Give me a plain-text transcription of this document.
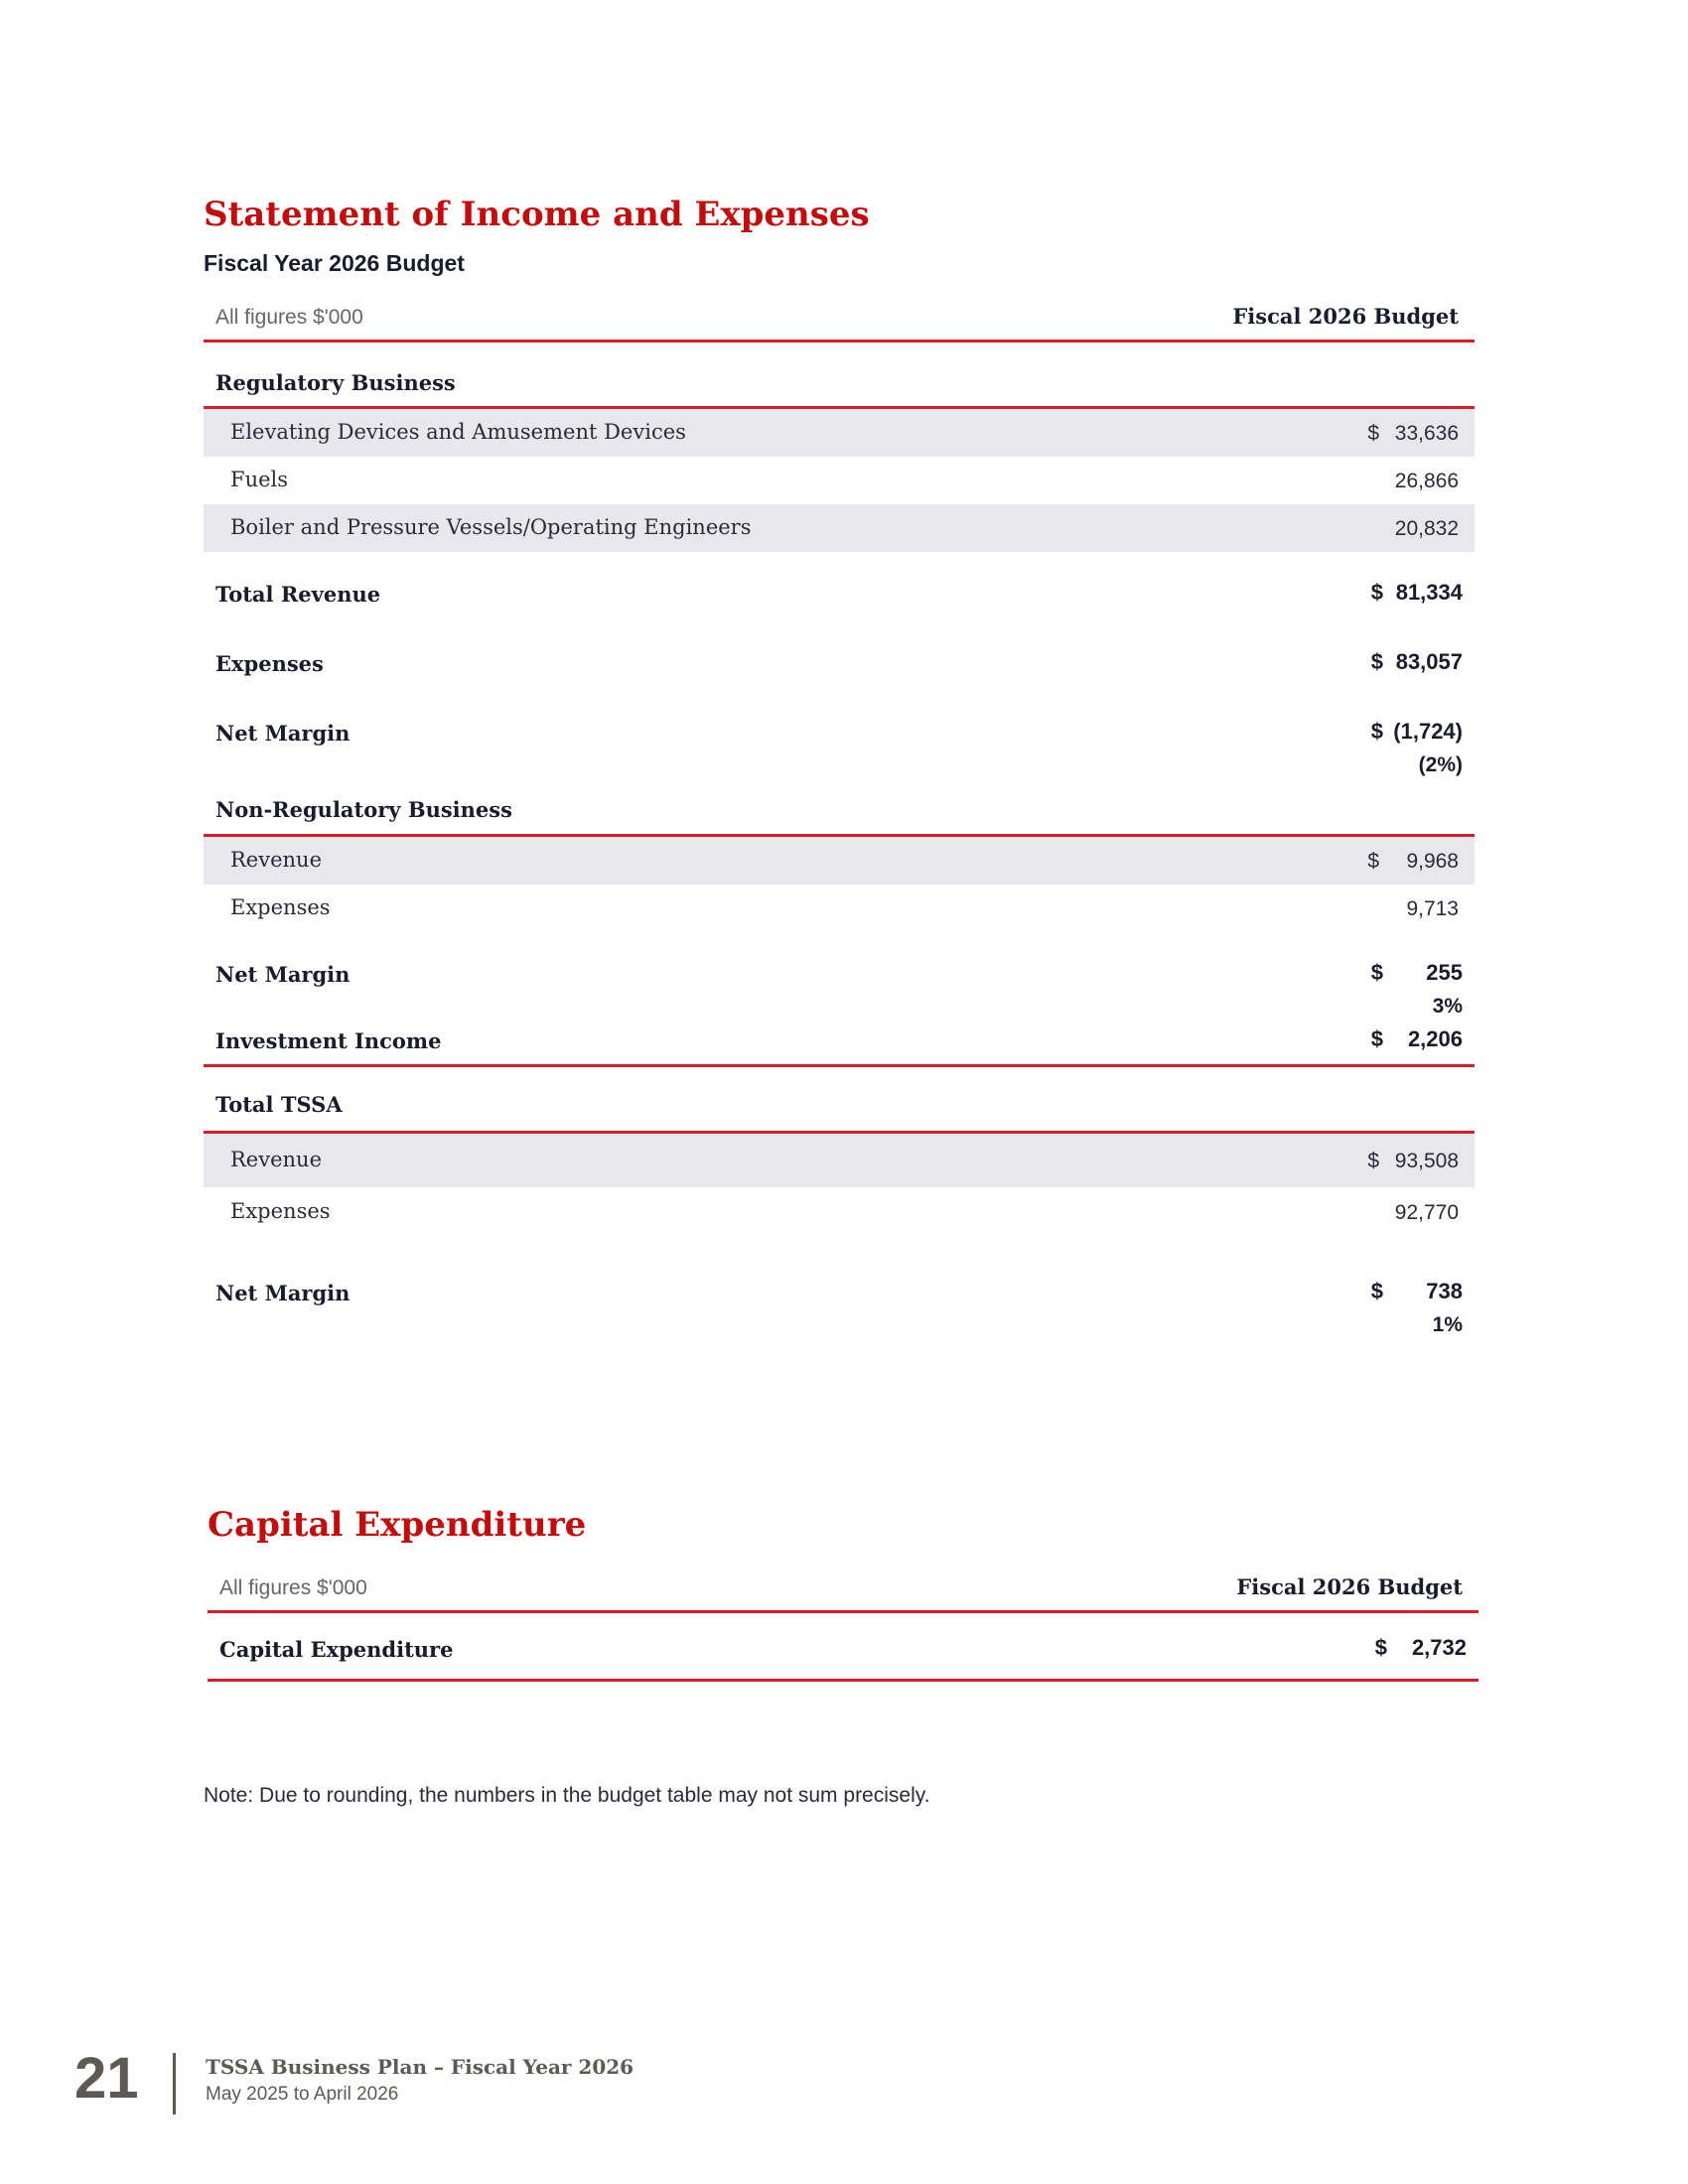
Statement of Income and Expenses
Fiscal Year 2026 Budget
All figures $'000	Fiscal 2026 Budget
Regulatory Business
Elevating Devices and Amusement Devices	$ 33,636
Fuels	26,866
Boiler and Pressure Vessels/Operating Engineers	20,832
Total Revenue	$ 81,334
Expenses	$ 83,057
Net Margin	$ (1,724)
(2%)
Non-Regulatory Business
Revenue	$ 9,968
Expenses	9,713
Net Margin	$ 255
3%
Investment Income	$ 2,206
Total TSSA
Revenue	$ 93,508
Expenses	92,770
Net Margin	$ 738
1%
Capital Expenditure
All figures $'000	Fiscal 2026 Budget
Capital Expenditure	$ 2,732
Note: Due to rounding, the numbers in the budget table may not sum precisely.
21	TSSA Business Plan – Fiscal Year 2026
May 2025 to April 2026
